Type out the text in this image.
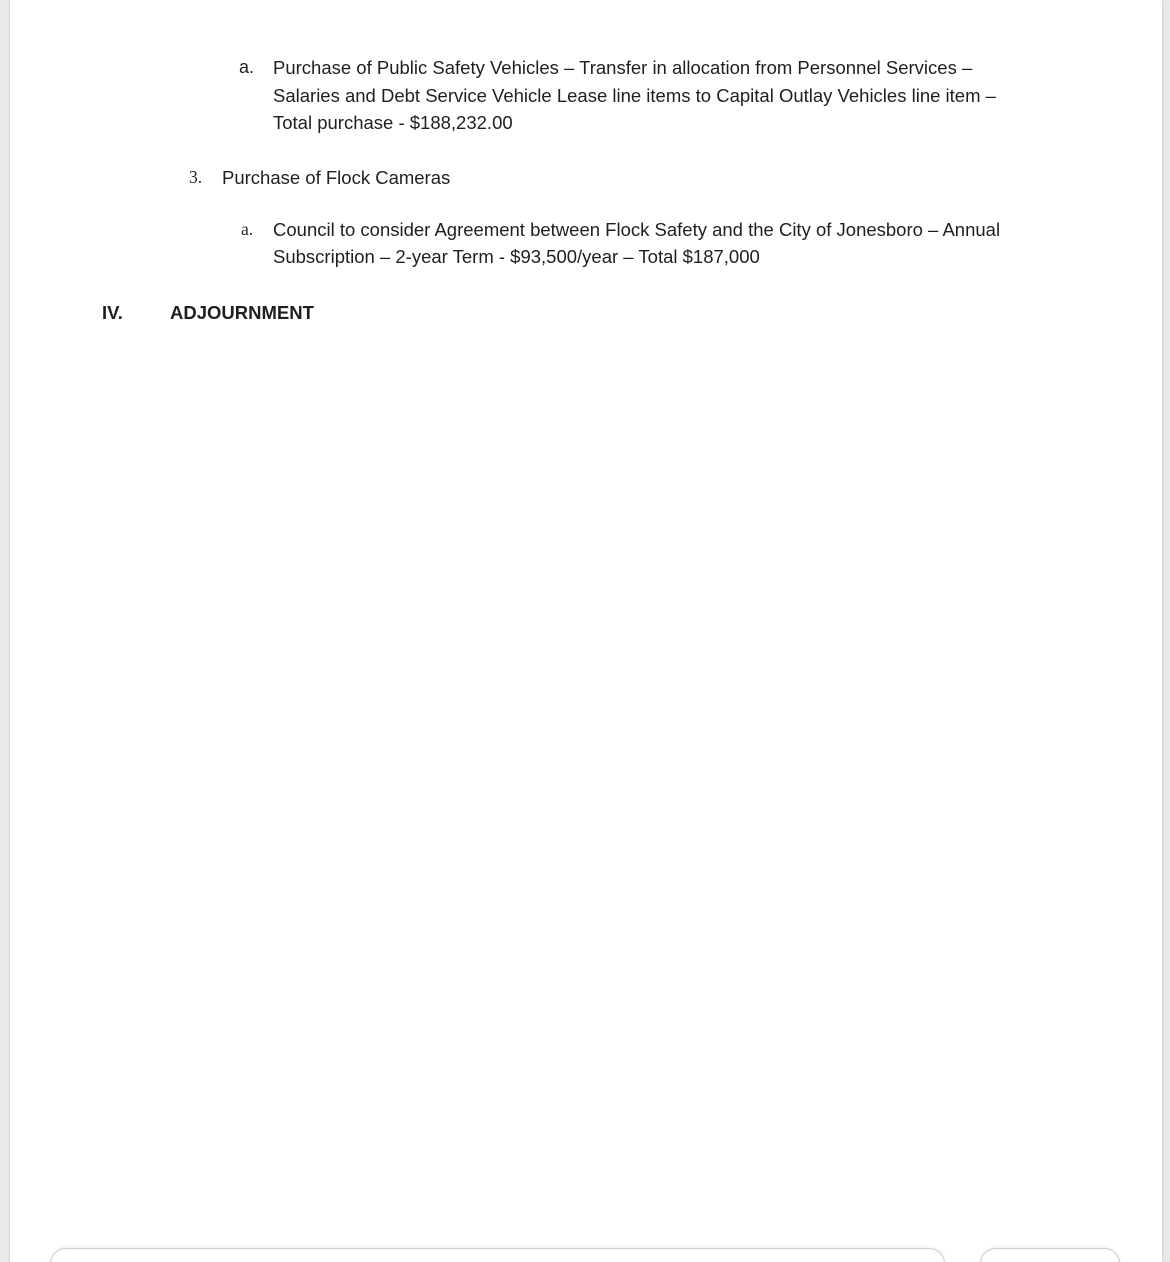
a. Purchase of Public Safety Vehicles – Transfer in allocation from Personnel Services –
Salaries and Debt Service Vehicle Lease line items to Capital Outlay Vehicles line item –
Total purchase - $188,232.00
3. Purchase of Flock Cameras
a. Council to consider Agreement between Flock Safety and the City of Jonesboro – Annual
Subscription – 2-year Term - $93,500/year – Total $187,000
IV.	ADJOURNMENT
